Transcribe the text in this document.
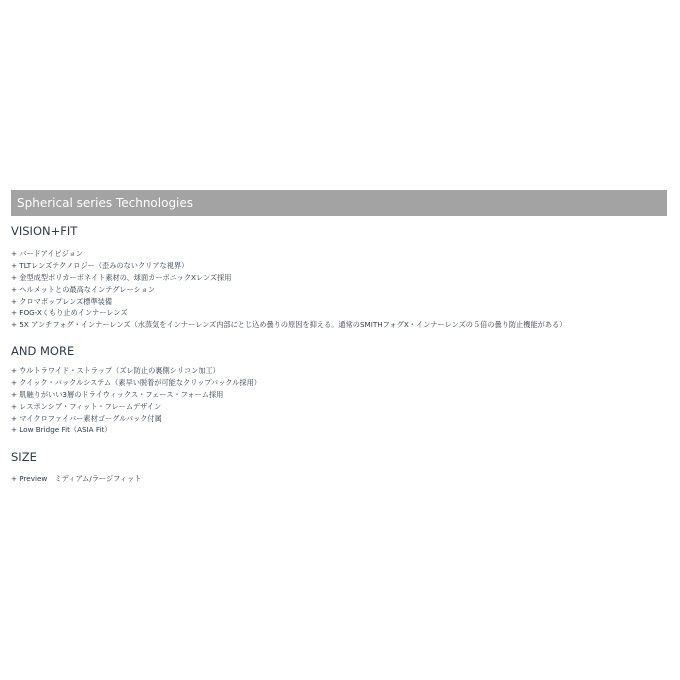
Spherical series Technologies
VISION+FIT
+ バードアイビジョン
+ TLTレンズテクノロジー（歪みのないクリアな視界）
+ 金型成型ポリカーボネイト素材の、球面カーボニックXレンズ採用
+ ヘルメットとの最高なインテグレーション
+ クロマポップレンズ標準装備
+ FOG-Xくもり止めインナーレンズ
+ 5X アンチフォグ・インナーレンズ（水蒸気をインナーレンズ内部にとじ込め曇りの原因を抑える。通常のSMITHフォグX・インナーレンズの５倍の曇り防止機能がある）
AND MORE
+ ウルトラワイド・ストラップ（ズレ防止の裏側シリコン加工）
+ クイック・バックルシステム（素早い脱着が可能なクリップバックル採用）
+ 肌触りがいい3層のドライウィックス・フェース・フォーム採用
+ レスポンシブ・フィット・フレームデザイン
+ マイクロファイバー素材ゴーグルバック付属
+ Low Bridge Fit（ASIA Fit）
SIZE
+ Preview　ミディアム/ラージフィット
